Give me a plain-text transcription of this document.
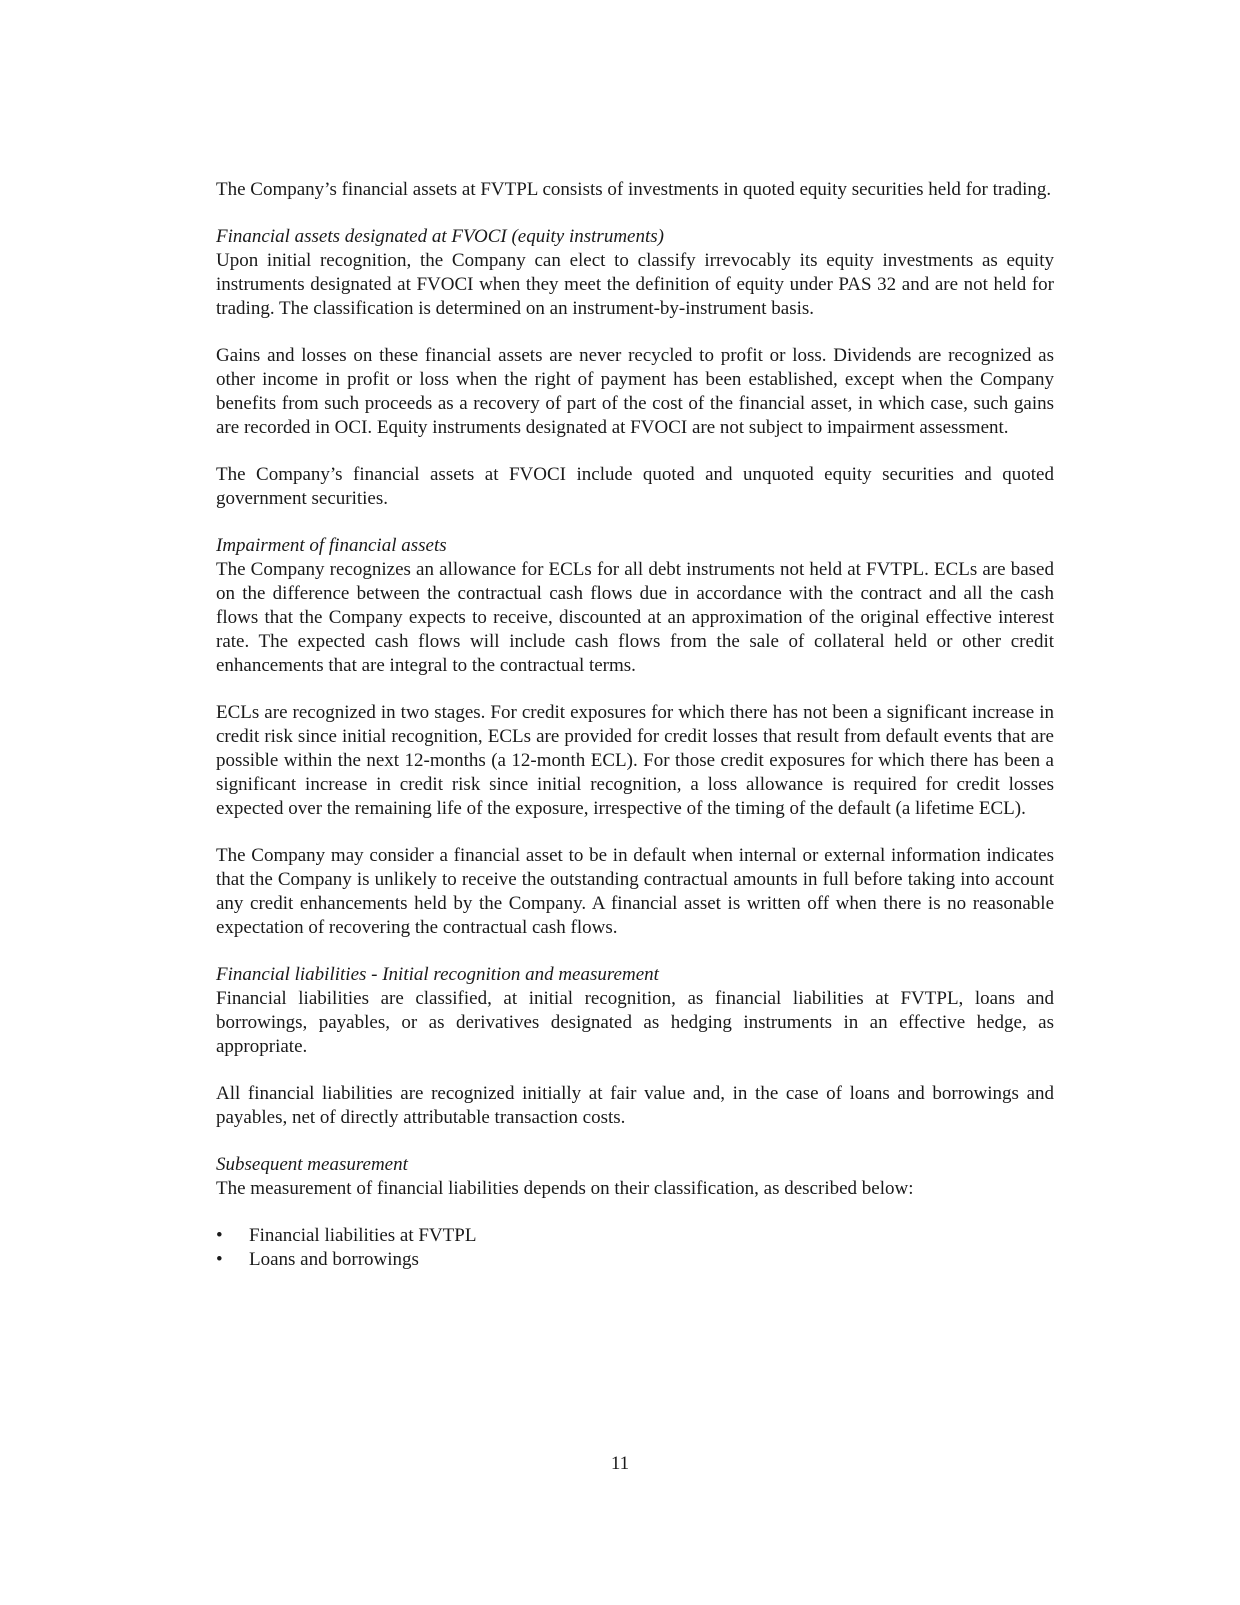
The Company’s financial assets at FVTPL consists of investments in quoted equity securities held for trading.

Financial assets designated at FVOCI (equity instruments)

Upon initial recognition, the Company can elect to classify irrevocably its equity investments as equity instruments designated at FVOCI when they meet the definition of equity under PAS 32 and are not held for trading. The classification is determined on an instrument-by-instrument basis.

Gains and losses on these financial assets are never recycled to profit or loss. Dividends are recognized as other income in profit or loss when the right of payment has been established, except when the Company benefits from such proceeds as a recovery of part of the cost of the financial asset, in which case, such gains are recorded in OCI. Equity instruments designated at FVOCI are not subject to impairment assessment.

The Company’s financial assets at FVOCI include quoted and unquoted equity securities and quoted government securities.

Impairment of financial assets

The Company recognizes an allowance for ECLs for all debt instruments not held at FVTPL. ECLs are based on the difference between the contractual cash flows due in accordance with the contract and all the cash flows that the Company expects to receive, discounted at an approximation of the original effective interest rate. The expected cash flows will include cash flows from the sale of collateral held or other credit enhancements that are integral to the contractual terms.

ECLs are recognized in two stages. For credit exposures for which there has not been a significant increase in credit risk since initial recognition, ECLs are provided for credit losses that result from default events that are possible within the next 12-months (a 12-month ECL). For those credit exposures for which there has been a significant increase in credit risk since initial recognition, a loss allowance is required for credit losses expected over the remaining life of the exposure, irrespective of the timing of the default (a lifetime ECL).

The Company may consider a financial asset to be in default when internal or external information indicates that the Company is unlikely to receive the outstanding contractual amounts in full before taking into account any credit enhancements held by the Company. A financial asset is written off when there is no reasonable expectation of recovering the contractual cash flows.

Financial liabilities - Initial recognition and measurement

Financial liabilities are classified, at initial recognition, as financial liabilities at FVTPL, loans and borrowings, payables, or as derivatives designated as hedging instruments in an effective hedge, as appropriate.

All financial liabilities are recognized initially at fair value and, in the case of loans and borrowings and payables, net of directly attributable transaction costs.

Subsequent measurement

The measurement of financial liabilities depends on their classification, as described below:

• Financial liabilities at FVTPL
• Loans and borrowings
11
